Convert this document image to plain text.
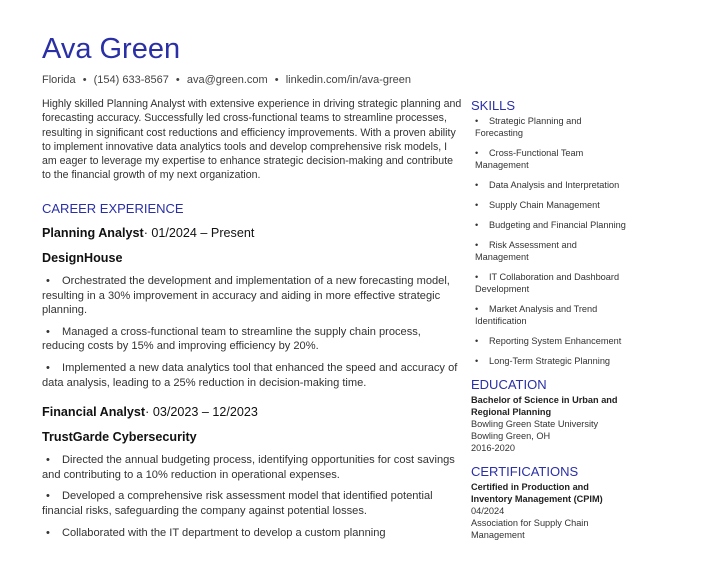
Ava Green
Florida • (154) 633-8567 • ava@green.com • linkedin.com/in/ava-green

Highly skilled Planning Analyst with extensive experience in driving strategic planning and forecasting accuracy. Successfully led cross-functional teams to streamline processes, resulting in significant cost reductions and efficiency improvements. With a proven ability to implement innovative data analytics tools and develop comprehensive risk models, I am eager to leverage my expertise to enhance strategic decision-making and contribute to the financial growth of my next organization.

CAREER EXPERIENCE

Planning Analyst· 01/2024 – Present

DesignHouse

• Orchestrated the development and implementation of a new forecasting model, resulting in a 30% improvement in accuracy and aiding in more effective strategic planning.
• Managed a cross-functional team to streamline the supply chain process, reducing costs by 15% and improving efficiency by 20%.
• Implemented a new data analytics tool that enhanced the speed and accuracy of data analysis, leading to a 25% reduction in decision-making time.

Financial Analyst· 03/2023 – 12/2023

TrustGarde Cybersecurity

• Directed the annual budgeting process, identifying opportunities for cost savings and contributing to a 10% reduction in operational expenses.
• Developed a comprehensive risk assessment model that identified potential financial risks, safeguarding the company against potential losses.
• Collaborated with the IT department to develop a custom planning
SKILLS
• Strategic Planning and Forecasting
• Cross-Functional Team Management
• Data Analysis and Interpretation
• Supply Chain Management
• Budgeting and Financial Planning
• Risk Assessment and Management
• IT Collaboration and Dashboard Development
• Market Analysis and Trend Identification
• Reporting System Enhancement
• Long-Term Strategic Planning
EDUCATION

Bachelor of Science in Urban and Regional Planning

Bowling Green State University

Bowling Green, OH

2016-2020

CERTIFICATIONS

Certified in Production and Inventory Management (CPIM)

04/2024

Association for Supply Chain Management
